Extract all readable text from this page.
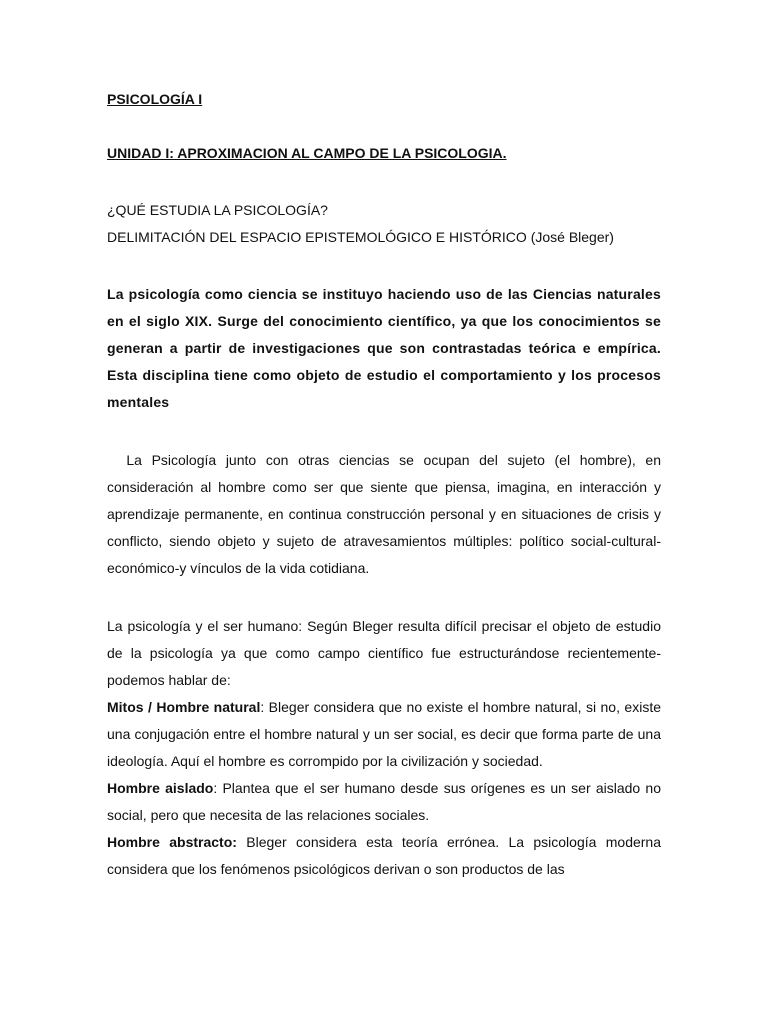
PSICOLOGÍA I

UNIDAD I: APROXIMACION AL CAMPO DE LA PSICOLOGIA.

¿QUÉ ESTUDIA LA PSICOLOGÍA?

DELIMITACIÓN DEL ESPACIO EPISTEMOLÓGICO E HISTÓRICO (José Bleger)

La psicología como ciencia se instituyo haciendo uso de las Ciencias naturales en el siglo XIX. Surge del conocimiento científico, ya que los conocimientos se generan a partir de investigaciones que son contrastadas teórica e empírica. Esta disciplina tiene como objeto de estudio el comportamiento y los procesos mentales

La Psicología junto con otras ciencias se ocupan del sujeto (el hombre), en consideración al hombre como ser que siente que piensa, imagina, en interacción y aprendizaje permanente, en continua construcción personal y en situaciones de crisis y conflicto, siendo objeto y sujeto de atravesamientos múltiples: político social-cultural-económico-y vínculos de la vida cotidiana.

La psicología y el ser humano: Según Bleger resulta difícil precisar el objeto de estudio de la psicología ya que como campo científico fue estructurándose recientemente-podemos hablar de:

Mitos / Hombre natural: Bleger considera que no existe el hombre natural, si no, existe una conjugación entre el hombre natural y un ser social, es decir que forma parte de una ideología. Aquí el hombre es corrompido por la civilización y sociedad.

Hombre aislado: Plantea que el ser humano desde sus orígenes es un ser aislado no social, pero que necesita de las relaciones sociales.

Hombre abstracto: Bleger considera esta teoría errónea. La psicología moderna considera que los fenómenos psicológicos derivan o son productos de las
